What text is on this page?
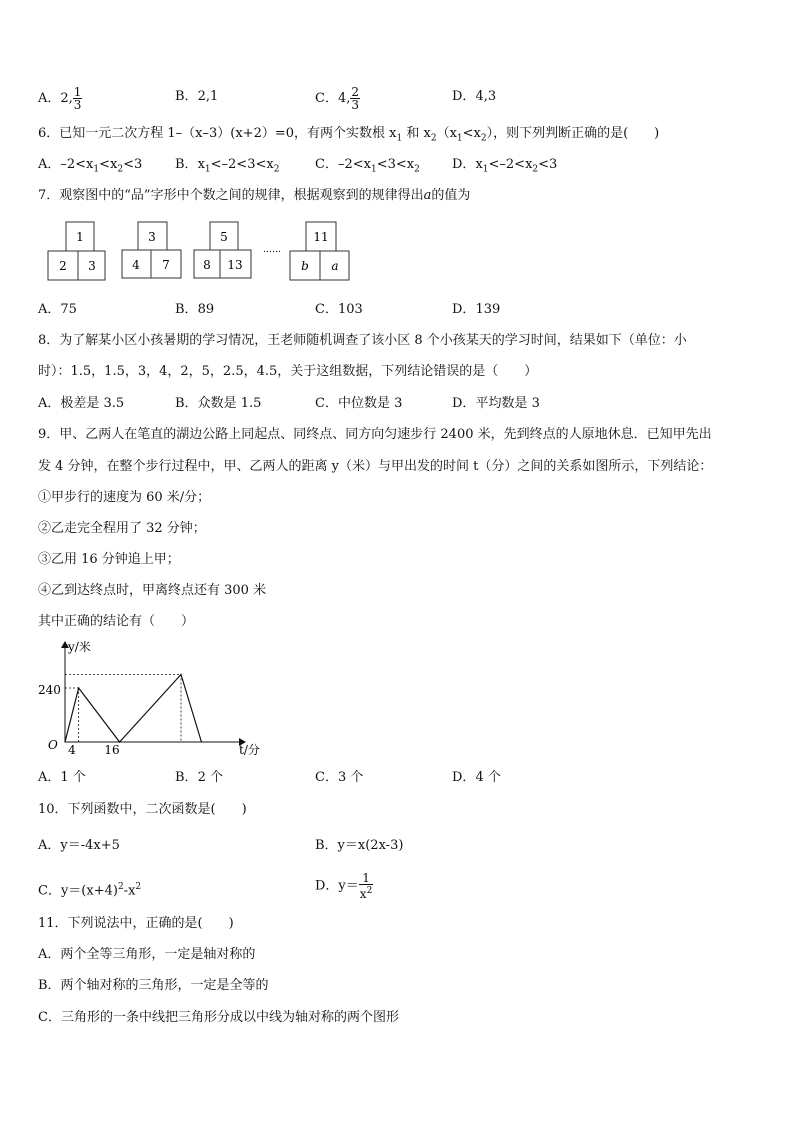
A．2, $\frac{1}{3}$	B．2,1	C．4, $\frac{2}{3}$	D．4,3
6．已知一元二次方程 1–（x–3）(x+2）=0，有两个实数根 $x_1$ 和 $x_2(x_1<x_2)$，则下列判断正确的是(　　)
A．$-2<x_1<x_2<3$	B．$x_1<-2<3<x_2$	C．$-2<x_1<3<x_2$ D．$x_1<-2<x_2<3$
7．观察图中的“品”字形中个数之间的规律，根据观察到的规律得出a的值为
1
2 3
3
4 7
5
8 13
……
11
b a
A．75	B．89	C．103	D．139
8．为了解某小区小孩暑期的学习情况，王老师随机调查了该小区 8 个小孩某天的学习时间，结果如下（单位：小
时）：1.5，1.5，3，4，2，5，2.5，4.5，关于这组数据，下列结论错误的是（　　）
A．极差是 3.5	B．众数是 1.5	C．中位数是 3	D．平均数是 3
9．甲、乙两人在笔直的湖边公路上同起点、同终点、同方向匀速步行 2400 米，先到终点的人原地休息．已知甲先出
发 4 分钟，在整个步行过程中，甲、乙两人的距离 y（米）与甲出发的时间 t（分）之间的关系如图所示，下列结论：
①甲步行的速度为 60 米/分；
②乙走完全程用了 32 分钟；
③乙用 16 分钟追上甲；
④乙到达终点时，甲离终点还有 300 米
其中正确的结论有（　　）
y/米
t/分
O
240
4 16
A．1 个	B．2 个	C．3 个	D．4 个
10．下列函数中，二次函数是(　　)
A．y＝-4x+5	B．y＝x(2x-3)
C．$y=(x+4)^2-x^2$	D．$y= \frac{1}{x^2}$
11．下列说法中，正确的是(　　)
A．两个全等三角形，一定是轴对称的
B．两个轴对称的三角形，一定是全等的
C．三角形的一条中线把三角形分成以中线为轴对称的两个图形
